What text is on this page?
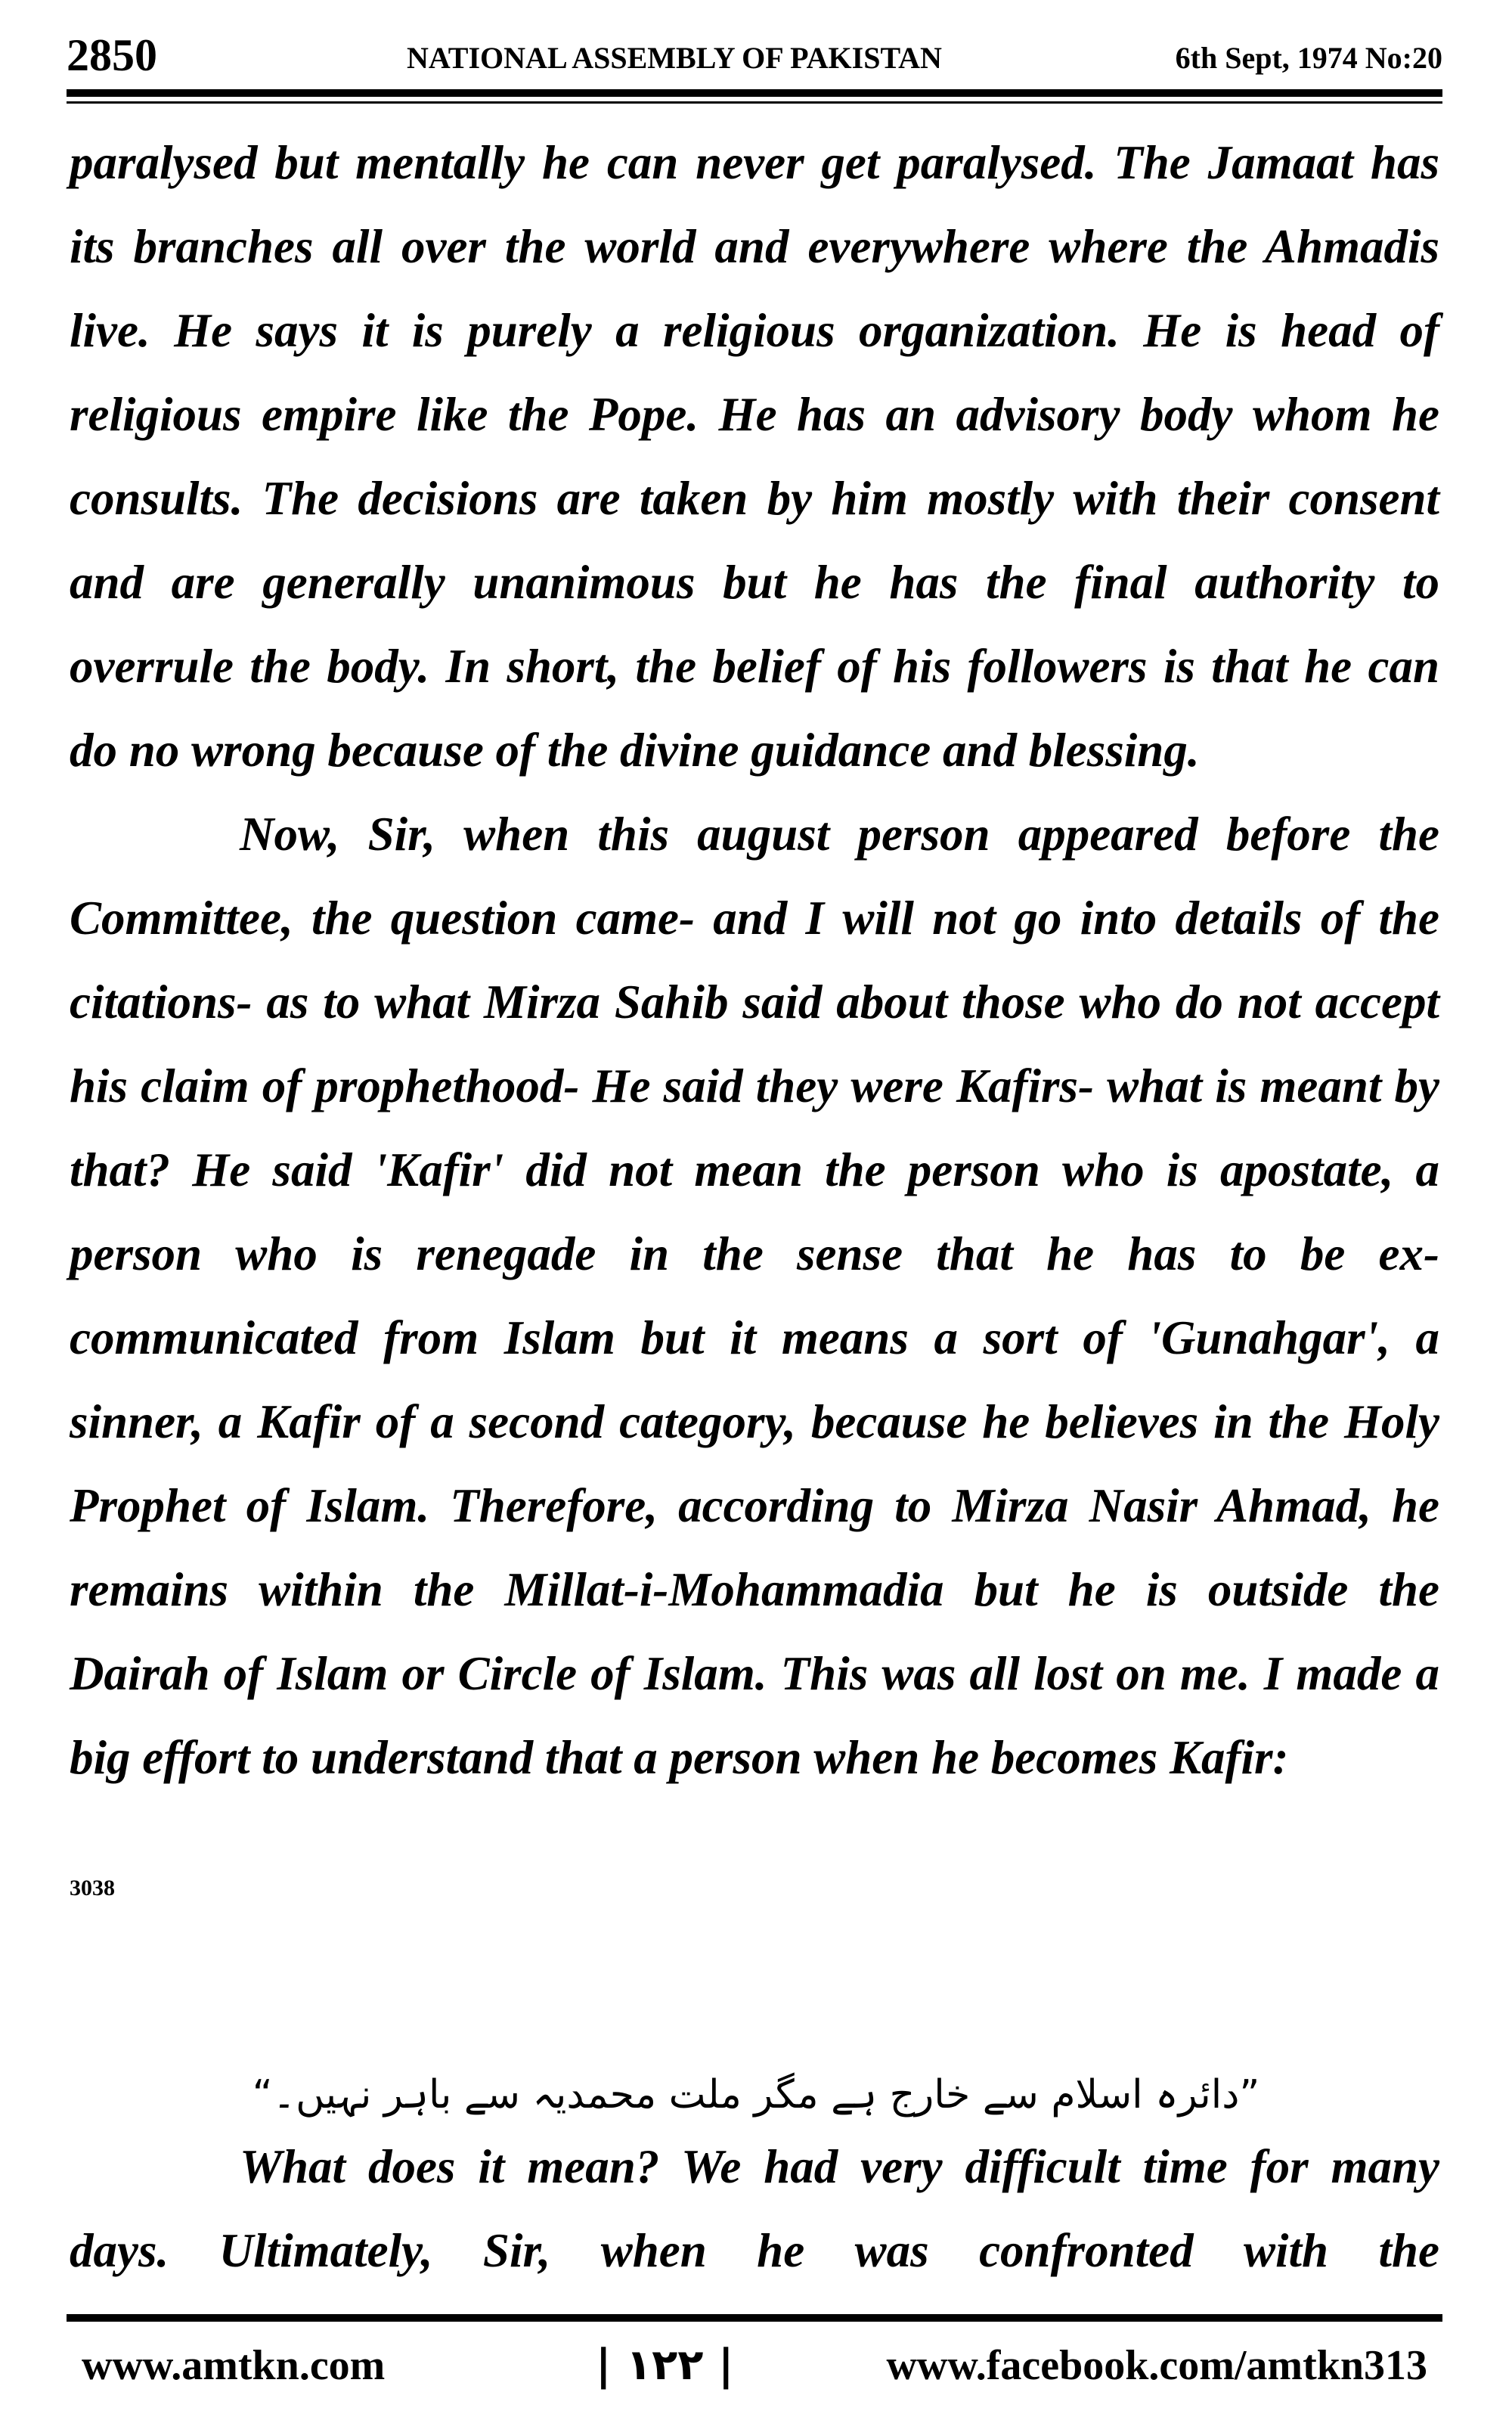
2850	NATIONAL ASSEMBLY OF PAKISTAN	6th Sept, 1974 No:20

paralysed but mentally he can never get paralysed. The Jamaat has its branches all over the world and everywhere where the Ahmadis live. He says it is purely a religious organization. He is head of religious empire like the Pope. He has an advisory body whom he consults. The decisions are taken by him mostly with their consent and are generally unanimous but he has the final authority to overrule the body. In short, the belief of his followers is that he can do no wrong because of the divine guidance and blessing.

Now, Sir, when this august person appeared before the Committee, the question came- and I will not go into details of the citations- as to what Mirza Sahib said about those who do not accept his claim of prophethood- He said they were Kafirs- what is meant by that? He said 'Kafir' did not mean the person who is apostate, a person who is renegade in the sense that he has to be ex-communicated from Islam but it means a sort of 'Gunahgar', a sinner, a Kafir of a second category, because he believes in the Holy Prophet of Islam. Therefore, according to Mirza Nasir Ahmad, he remains within the Millat-i-Mohammadia but he is outside the Dairah of Islam or Circle of Islam. This was all lost on me. I made a big effort to understand that a person when he becomes Kafir:

3038
”دائرہ اسلام سے خارج ہے مگر ملت محمدیہ سے باہر نہیں۔“

What does it mean? We had very difficult time for many days. Ultimately, Sir, when he was confronted with the

www.amtkn.com	| ۱۲۲ |	www.facebook.com/amtkn313
